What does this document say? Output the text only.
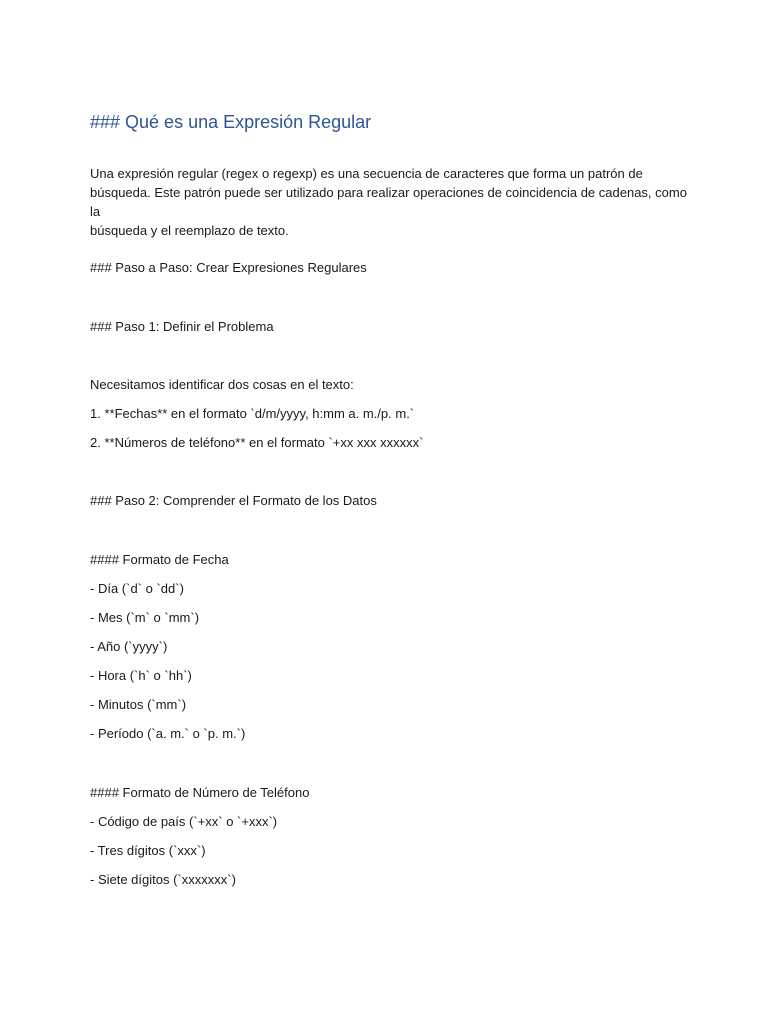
### Qué es una Expresión Regular
Una expresión regular (regex o regexp) es una secuencia de caracteres que forma un patrón de
búsqueda. Este patrón puede ser utilizado para realizar operaciones de coincidencia de cadenas, como la
búsqueda y el reemplazo de texto.
### Paso a Paso: Crear Expresiones Regulares
### Paso 1: Definir el Problema
Necesitamos identificar dos cosas en el texto:
1. **Fechas** en el formato `d/m/yyyy, h:mm a. m./p. m.`
2. **Números de teléfono** en el formato `+xx xxx xxxxxx`
### Paso 2: Comprender el Formato de los Datos
#### Formato de Fecha
- Día (`d` o `dd`)
- Mes (`m` o `mm`)
- Año (`yyyy`)
- Hora (`h` o `hh`)
- Minutos (`mm`)
- Período (`a. m.` o `p. m.`)
#### Formato de Número de Teléfono
- Código de país (`+xx` o `+xxx`)
- Tres dígitos (`xxx`)
- Siete dígitos (`xxxxxxx`)
